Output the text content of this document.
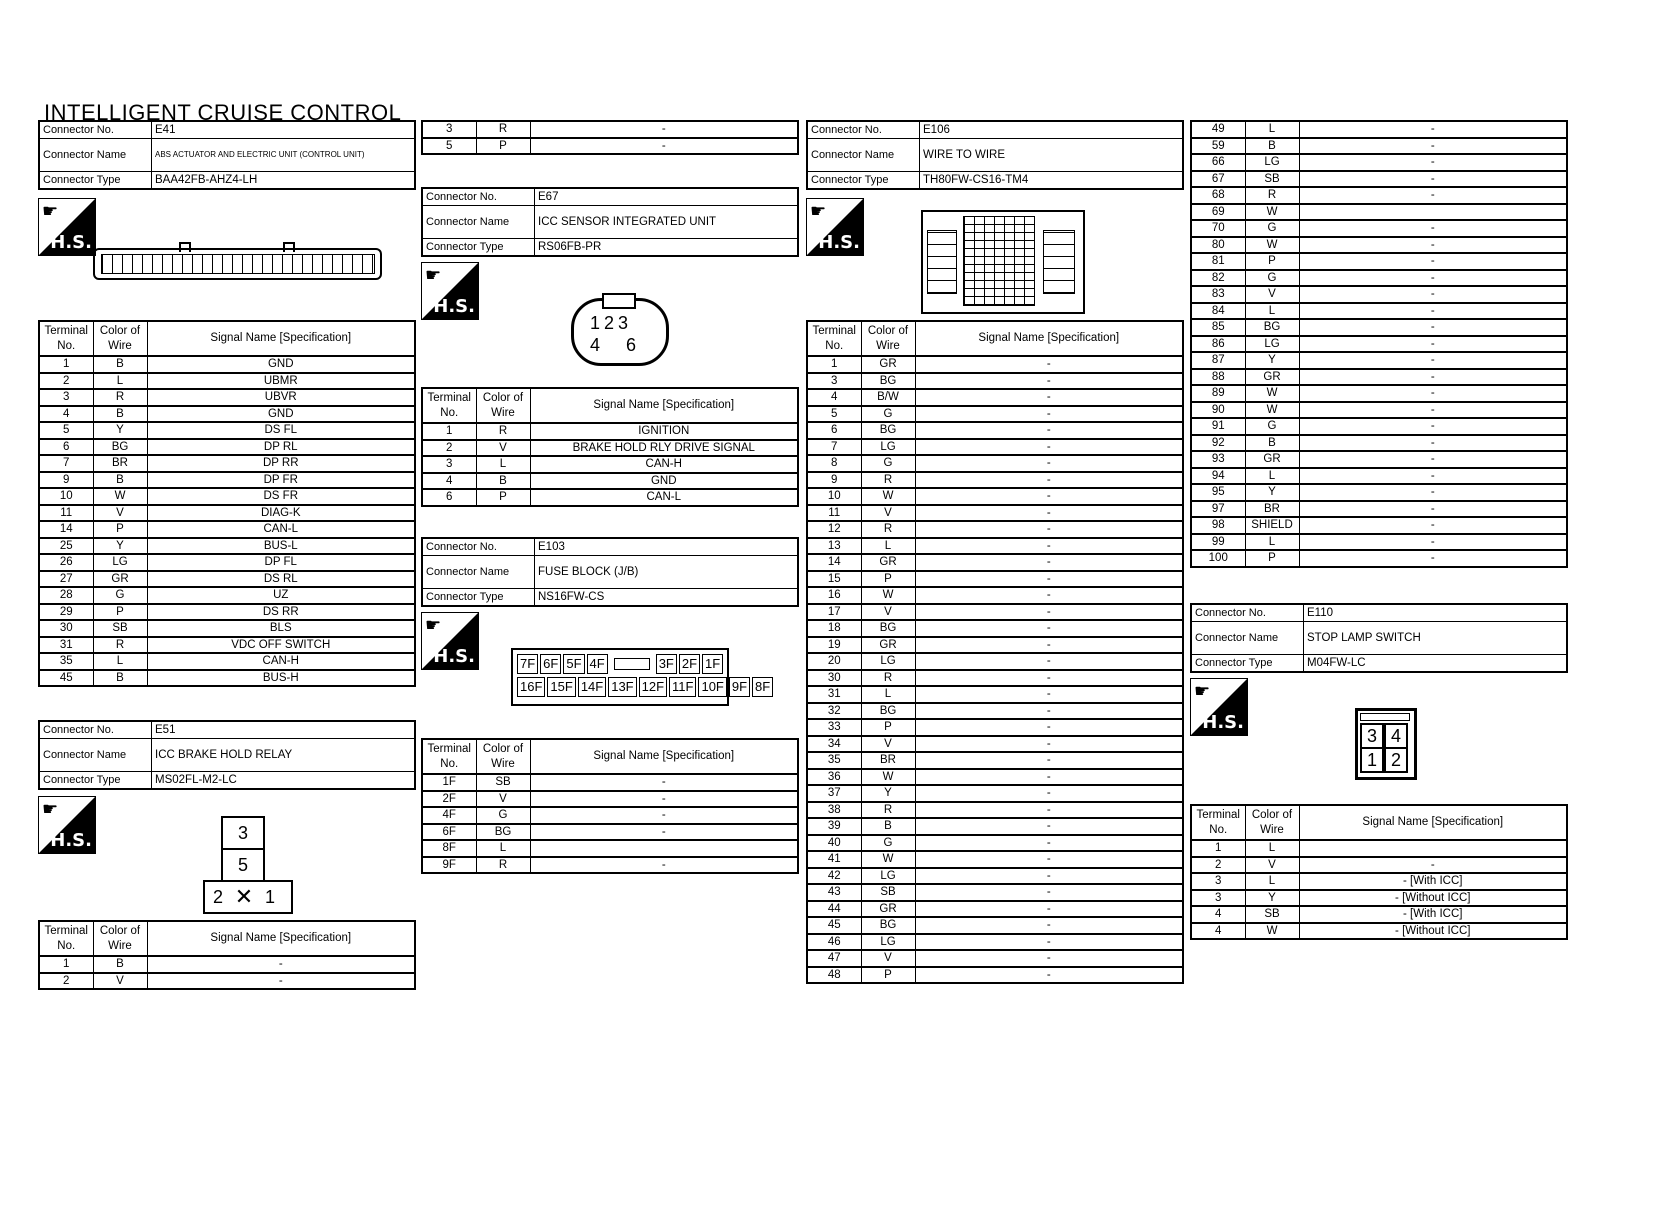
INTELLIGENT CRUISE CONTROL
Connector No.	E41
Connector Name	ABS ACTUATOR AND ELECTRIC UNIT (CONTROL UNIT)
Connector Type	BAA42FB-AHZ4-LH
☛
H.S.
Terminal No.	Color of Wire	Signal Name [Specification]
1	B	GND
2	L	UBMR
3	R	UBVR
4	B	GND
5	Y	DS FL
6	BG	DP RL
7	BR	DP RR
9	B	DP FR
10	W	DS FR
11	V	DIAG-K
14	P	CAN-L
25	Y	BUS-L
26	LG	DP FL
27	GR	DS RL
28	G	UZ
29	P	DS RR
30	SB	BLS
31	R	VDC OFF SWITCH
35	L	CAN-H
45	B	BUS-H
Connector No.	E51
Connector Name	ICC BRAKE HOLD RELAY
Connector Type	MS02FL-M2-LC
☛
H.S.	3
5
2 ✕ 1
Terminal No.	Color of Wire	Signal Name [Specification]
1	B	-
2	V	-
3	R	-
5	P	-
Connector No.	E67
Connector Name	ICC SENSOR INTEGRATED UNIT
Connector Type	RS06FB-PR
☛
H.S.
123
46
Terminal No.	Color of Wire	Signal Name [Specification]
1	R	IGNITION
2	V	BRAKE HOLD RLY DRIVE SIGNAL
3	L	CAN-H
4	B	GND
6	P	CAN-L
Connector No.	E103
Connector Name	FUSE BLOCK (J/B)
Connector Type	NS16FW-CS
☛
H.S.	7F 6F 5F 4F	3F 2F 1F
16F 15F 14F 13F 12F 11F 10F 9F 8F
Terminal No.	Color of Wire	Signal Name [Specification]
1F	SB	-
2F	V	-
4F	G	-
6F	BG	-
8F	L	
9F	R	-
Connector No.	E106
Connector Name	WIRE TO WIRE
Connector Type	TH80FW-CS16-TM4
☛
H.S.
Terminal No.	Color of Wire	Signal Name [Specification]
1	GR	-
3	BG	-
4	B/W	-
5	G	-
6	BG	-
7	LG	-
8	G	-
9	R	-
10	W	-
11	V	-
12	R	-
13	L	-
14	GR	-
15	P	-
16	W	-
17	V	-
18	BG	-
19	GR	-
20	LG	-
30	R	-
31	L	-
32	BG	-
33	P	-
34	V	-
35	BR	-
36	W	-
37	Y	-
38	R	-
39	B	-
40	G	-
41	W	-
42	LG	-
43	SB	-
44	GR	-
45	BG	-
46	LG	-
47	V	-
48	P	-
49	L	-
59	B	-
66	LG	-
67	SB	-
68	R	-
69	W	
70	G	-
80	W	-
81	P	-
82	G	-
83	V	-
84	L	-
85	BG	-
86	LG	-
87	Y	-
88	GR	-
89	W	-
90	W	-
91	G	-
92	B	-
93	GR	-
94	L	-
95	Y	-
97	BR	-
98	SHIELD	-
99	L	-
100	P	-
Connector No.	E110
Connector Name	STOP LAMP SWITCH
Connector Type	M04FW-LC
☛
H.S.
3 4
1 2
Terminal No.	Color of Wire	Signal Name [Specification]
1	L	
2	V	-
3	L	- [With ICC]
3	Y	- [Without ICC]
4	SB	- [With ICC]
4	W	- [Without ICC]
